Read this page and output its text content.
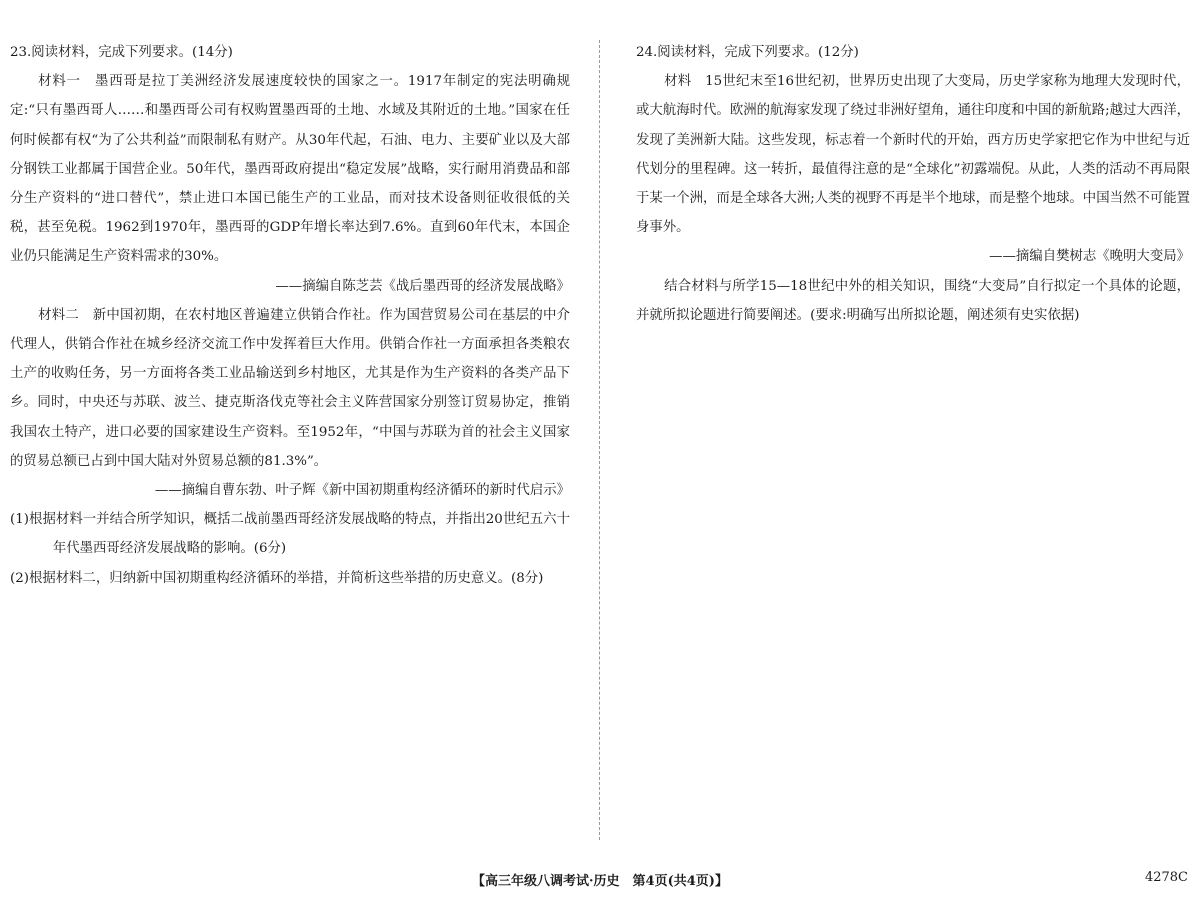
23.阅读材料，完成下列要求。(14分)

材料一　墨西哥是拉丁美洲经济发展速度较快的国家之一。1917年制定的宪法明确规定:“只有墨西哥人……和墨西哥公司有权购置墨西哥的土地、水域及其附近的土地。”国家在任何时候都有权“为了公共利益”而限制私有财产。从30年代起，石油、电力、主要矿业以及大部分钢铁工业都属于国营企业。50年代，墨西哥政府提出“稳定发展”战略，实行耐用消费品和部分生产资料的“进口替代”，禁止进口本国已能生产的工业品，而对技术设备则征收很低的关税，甚至免税。1962到1970年，墨西哥的GDP年增长率达到7.6%。直到60年代末，本国企业仍只能满足生产资料需求的30%。

——摘编自陈芝芸《战后墨西哥的经济发展战略》

材料二　新中国初期，在农村地区普遍建立供销合作社。作为国营贸易公司在基层的中介代理人，供销合作社在城乡经济交流工作中发挥着巨大作用。供销合作社一方面承担各类粮农土产的收购任务，另一方面将各类工业品输送到乡村地区，尤其是作为生产资料的各类产品下乡。同时，中央还与苏联、波兰、捷克斯洛伐克等社会主义阵营国家分别签订贸易协定，推销我国农土特产，进口必要的国家建设生产资料。至1952年，“中国与苏联为首的社会主义国家的贸易总额已占到中国大陆对外贸易总额的81.3%”。

——摘编自曹东勃、叶子辉《新中国初期重构经济循环的新时代启示》

(1)根据材料一并结合所学知识，概括二战前墨西哥经济发展战略的特点，并指出20世纪五六十年代墨西哥经济发展战略的影响。(6分)

(2)根据材料二，归纳新中国初期重构经济循环的举措，并简析这些举措的历史意义。(8分)

24.阅读材料，完成下列要求。(12分)

材料　15世纪末至16世纪初，世界历史出现了大变局，历史学家称为地理大发现时代，或大航海时代。欧洲的航海家发现了绕过非洲好望角，通往印度和中国的新航路;越过大西洋，发现了美洲新大陆。这些发现，标志着一个新时代的开始，西方历史学家把它作为中世纪与近代划分的里程碑。这一转折，最值得注意的是“全球化”初露端倪。从此，人类的活动不再局限于某一个洲，而是全球各大洲;人类的视野不再是半个地球，而是整个地球。中国当然不可能置身事外。

——摘编自樊树志《晚明大变局》

结合材料与所学15—18世纪中外的相关知识，围绕“大变局”自行拟定一个具体的论题，并就所拟论题进行简要阐述。(要求:明确写出所拟论题，阐述须有史实依据)

【高三年级八调考试·历史　第4页(共4页)】	4278C
